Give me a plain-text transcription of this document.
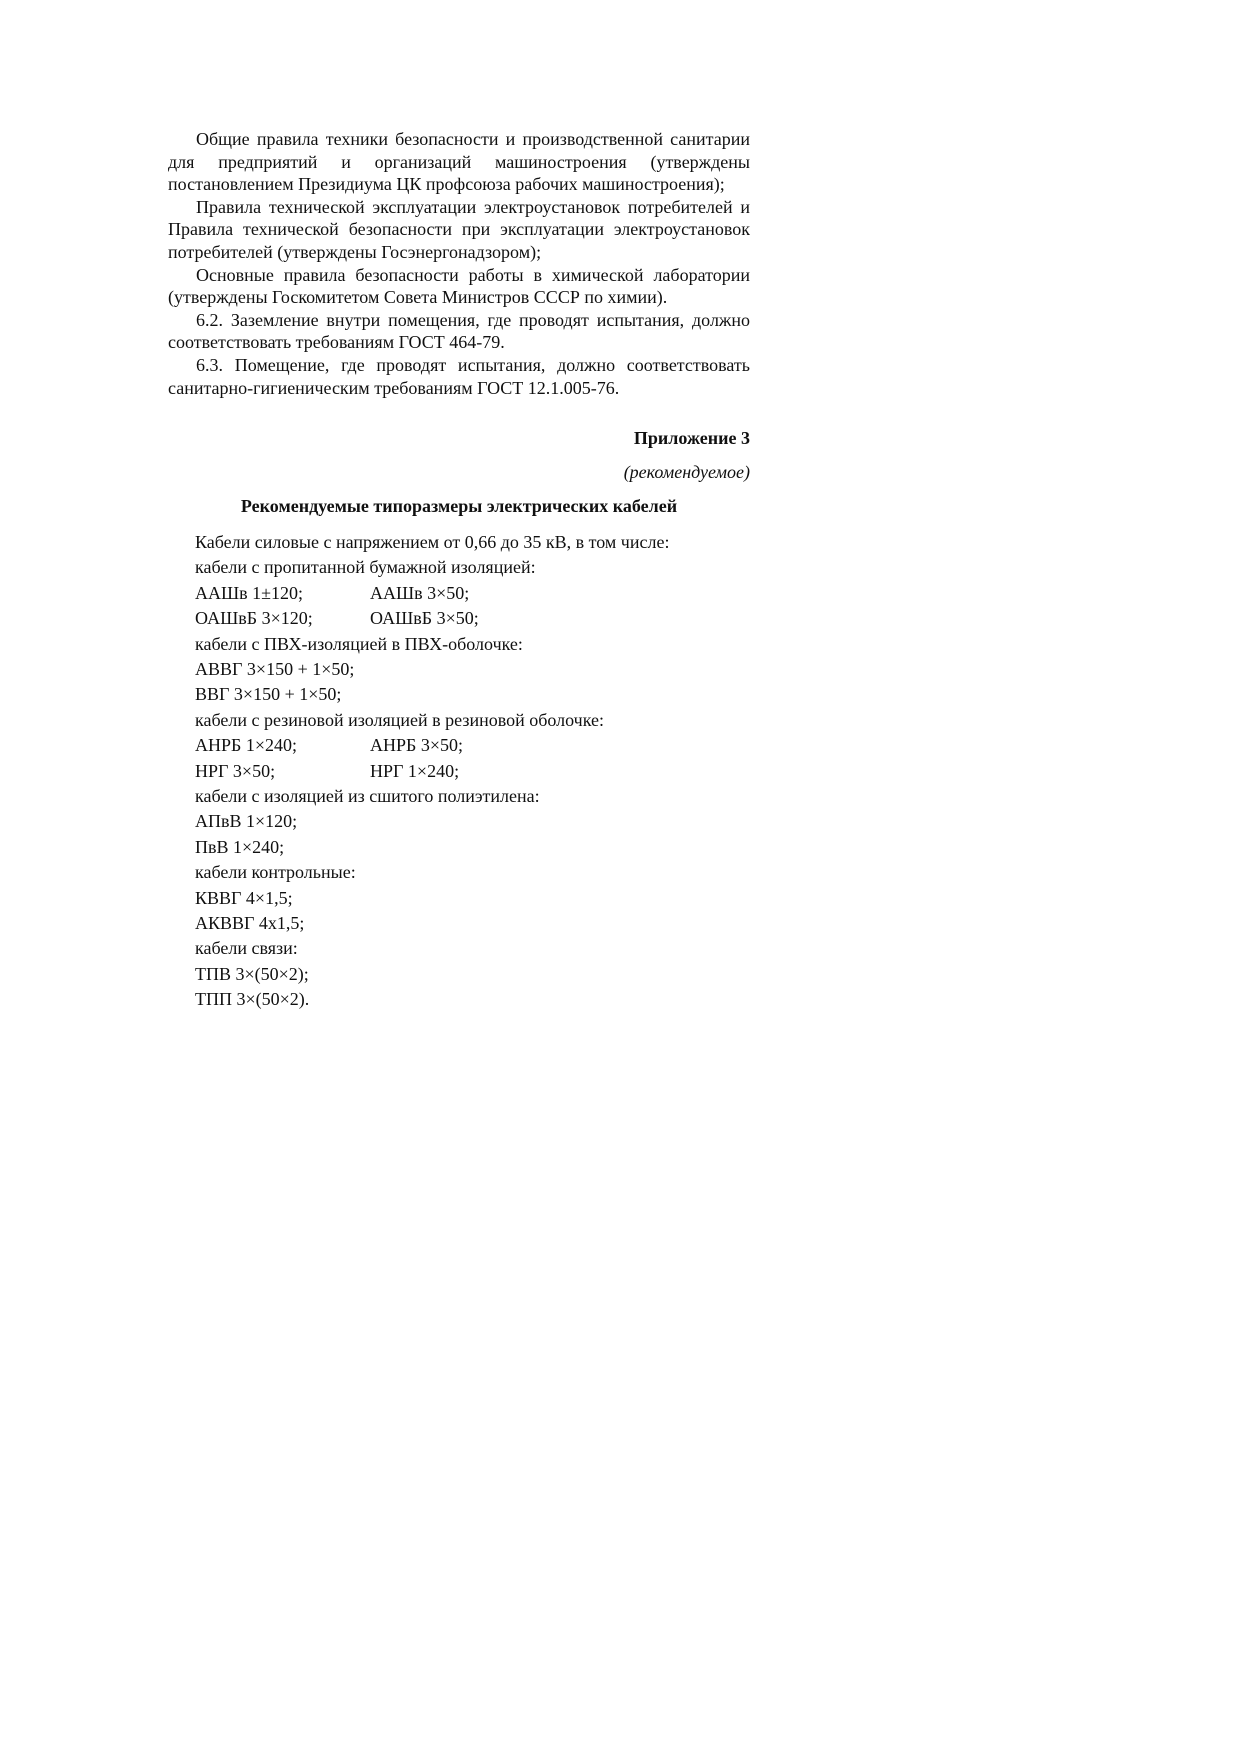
Общие правила техники безопасности и производственной санитарии для предприятий и организаций машиностроения (утверждены постановлением Президиума ЦК профсоюза рабочих машиностроения);

Правила технической эксплуатации электроустановок потребителей и Правила технической безопасности при эксплуатации электроустановок потребителей (утверждены Госэнергонадзором);

Основные правила безопасности работы в химической лаборатории (утверждены Госкомитетом Совета Министров СССР по химии).

6.2. Заземление внутри помещения, где проводят испытания, должно соответствовать требованиям ГОСТ 464-79.

6.3. Помещение, где проводят испытания, должно соответствовать санитарно-гигиеническим требованиям ГОСТ 12.1.005-76.

Приложение 3
(рекомендуемое)
Рекомендуемые типоразмеры электрических кабелей
Кабели силовые с напряжением от 0,66 до 35 кВ, в том числе:
кабели с пропитанной бумажной изоляцией:
ААШв 1±120;	ААШв 3×50;
ОАШвБ 3×120;	ОАШвБ 3×50;
кабели с ПВХ-изоляцией в ПВХ-оболочке:
АВВГ 3×150 + 1×50;
ВВГ 3×150 + 1×50;
кабели с резиновой изоляцией в резиновой оболочке:
АНРБ 1×240;	АНРБ 3×50;
НРГ 3×50;	НРГ 1×240;
кабели с изоляцией из сшитого полиэтилена:
АПвВ 1×120;
ПвВ 1×240;
кабели контрольные:
КВВГ 4×1,5;
АКВВГ 4х1,5;
кабели связи:
ТПВ 3×(50×2);
ТПП 3×(50×2).
